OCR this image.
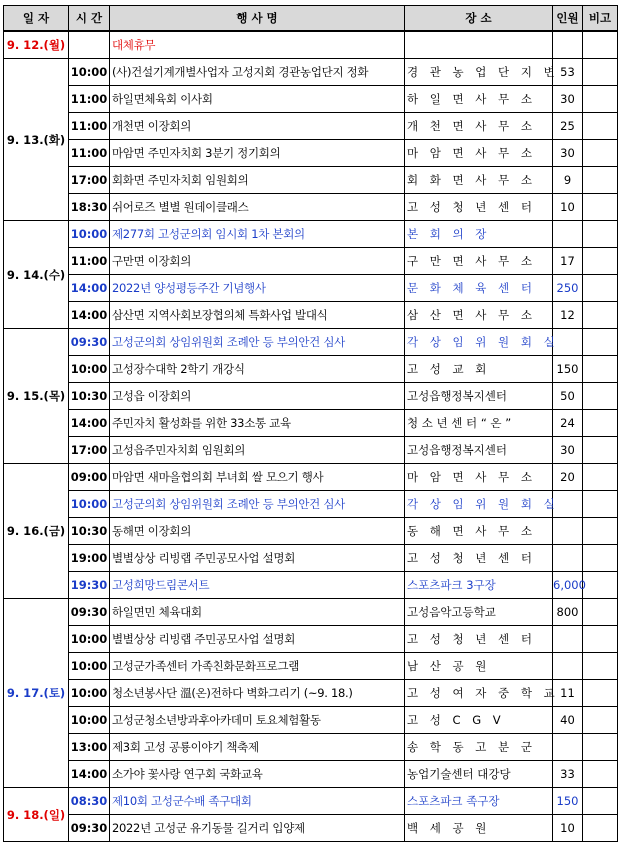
일 자	시 간	행 사 명	장 소	인원	비고
9. 12.(월)		대체휴무			
9. 13.(화)	10:00	(사)건설기계개별사업자 고성지회 경관농업단지 정화	경 관 농 업 단 지 변	53	
	11:00	하일면체육회 이사회	하 일 면 사 무 소	30	
	11:00	개천면 이장회의	개 천 면 사 무 소	25	
	11:00	마암면 주민자치회 3분기 정기회의	마 암 면 사 무 소	30	
	17:00	회화면 주민자치회 임원회의	회 화 면 사 무 소	9	
	18:30	쉬어로즈 별별 원데이클래스	고 성 청 년 센 터	10	
9. 14.(수)	10:00	제277회 고성군의회 임시회 1차 본회의	본 회 의 장		
	11:00	구만면 이장회의	구 만 면 사 무 소	17	
	14:00	2022년 양성평등주간 기념행사	문 화 체 육 센 터	250	
	14:00	삼산면 지역사회보장협의체 특화사업 발대식	삼 산 면 사 무 소	12	
9. 15.(목)	09:30	고성군의회 상임위원회 조례안 등 부의안건 심사	각 상 임 위 원 회 실		
	10:00	고성장수대학 2학기 개강식	고 성 교 회	150	
	10:30	고성읍 이장회의	고성읍행정복지센터	50	
	14:00	주민자치 활성화를 위한 33소통 교육	청 소 년 센 터 “ 온 ”	24	
	17:00	고성읍주민자치회 임원회의	고성읍행정복지센터	30	
9. 16.(금)	09:00	마암면 새마을협의회 부녀회 쌀 모으기 행사	마 암 면 사 무 소	20	
	10:00	고성군의회 상임위원회 조례안 등 부의안건 심사	각 상 임 위 원 회 실		
	10:30	동해면 이장회의	동 해 면 사 무 소		
	19:00	별별상상 리빙랩 주민공모사업 설명회	고 성 청 년 센 터		
	19:30	고성희망드림콘서트	스포츠파크 3구장	6,000	
9. 17.(토)	09:30	하일면민 체육대회	고성음악고등학교	800	
	10:00	별별상상 리빙랩 주민공모사업 설명회	고 성 청 년 센 터		
	10:00	고성군가족센터 가족친화문화프로그램	남 산 공 원		
	10:00	청소년봉사단 溫(온)전하다 벽화그리기 (~9. 18.)	고 성 여 자 중 학 교	11	
	10:00	고성군청소년방과후아카데미 토요체험활동	고 성 C G V	40	
	13:00	제3회 고성 공룡이야기 책축제	송 학 동 고 분 군		
	14:00	소가야 꽃사랑 연구회 국화교육	농업기술센터 대강당	33	
9. 18.(일)	08:30	제10회 고성군수배 족구대회	스포츠파크 족구장	150	
	09:30	2022년 고성군 유기동물 길거리 입양제	백 세 공 원	10	
